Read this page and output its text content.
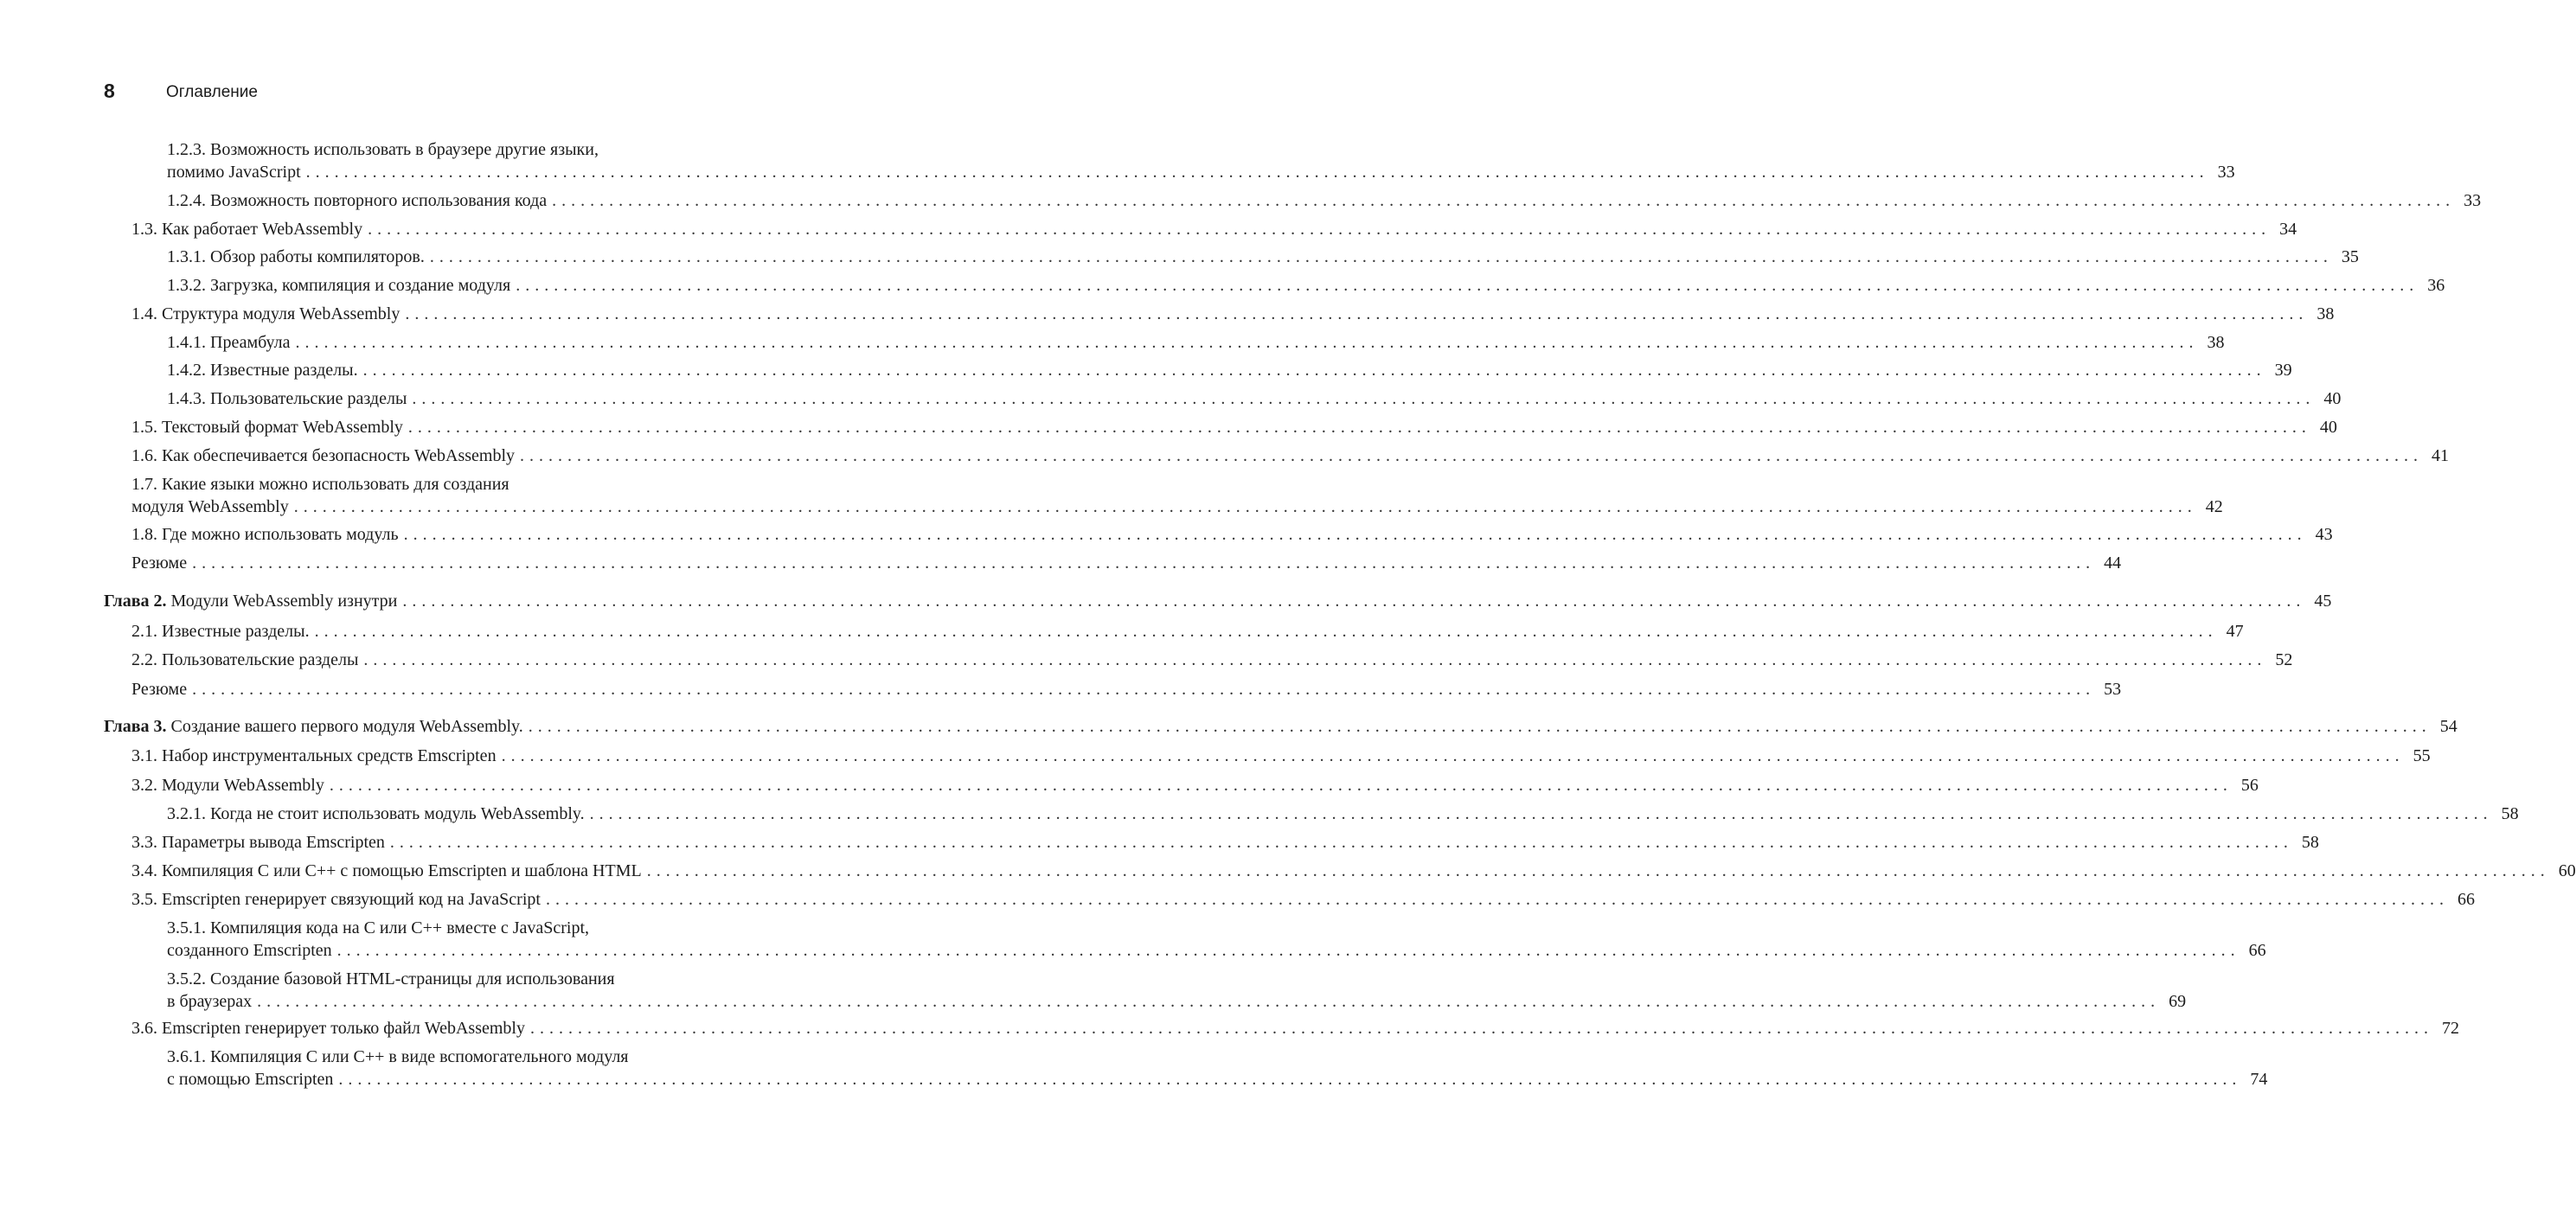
8	Оглавление
1.2.3. Возможность использовать в браузере другие языки,
помимо JavaScript ........................................................................................................................................................................................................ 33
1.2.4. Возможность повторного использования кода ........................................................................................................................................................................................................ 33
1.3. Как работает WebAssembly ........................................................................................................................................................................................................ 34
1.3.1. Обзор работы компиляторов. ........................................................................................................................................................................................................ 35
1.3.2. Загрузка, компиляция и создание модуля ........................................................................................................................................................................................................ 36
1.4. Структура модуля WebAssembly ........................................................................................................................................................................................................ 38
1.4.1. Преамбула ........................................................................................................................................................................................................ 38
1.4.2. Известные разделы. ........................................................................................................................................................................................................ 39
1.4.3. Пользовательские разделы ........................................................................................................................................................................................................ 40
1.5. Текстовый формат WebAssembly ........................................................................................................................................................................................................ 40
1.6. Как обеспечивается безопасность WebAssembly ........................................................................................................................................................................................................ 41
1.7. Какие языки можно использовать для создания
модуля WebAssembly ........................................................................................................................................................................................................ 42
1.8. Где можно использовать модуль ........................................................................................................................................................................................................ 43
Резюме ........................................................................................................................................................................................................ 44
Глава 2. Модули WebAssembly изнутри ........................................................................................................................................................................................................ 45
2.1. Известные разделы. ........................................................................................................................................................................................................ 47
2.2. Пользовательские разделы ........................................................................................................................................................................................................ 52
Резюме ........................................................................................................................................................................................................ 53
Глава 3. Создание вашего первого модуля WebAssembly. ........................................................................................................................................................................................................ 54
3.1. Набор инструментальных средств Emscripten ........................................................................................................................................................................................................ 55
3.2. Модули WebAssembly ........................................................................................................................................................................................................ 56
3.2.1. Когда не стоит использовать модуль WebAssembly. ........................................................................................................................................................................................................ 58
3.3. Параметры вывода Emscripten ........................................................................................................................................................................................................ 58
3.4. Компиляция C или C++ с помощью Emscripten и шаблона HTML ........................................................................................................................................................................................................ 60
3.5. Emscripten генерирует связующий код на JavaScript ........................................................................................................................................................................................................ 66
3.5.1. Компиляция кода на C или C++ вместе с JavaScript,
созданного Emscripten ........................................................................................................................................................................................................ 66
3.5.2. Создание базовой HTML-страницы для использования
в браузерах ........................................................................................................................................................................................................ 69
3.6. Emscripten генерирует только файл WebAssembly ........................................................................................................................................................................................................ 72
3.6.1. Компиляция C или C++ в виде вспомогательного модуля
с помощью Emscripten ........................................................................................................................................................................................................ 74
